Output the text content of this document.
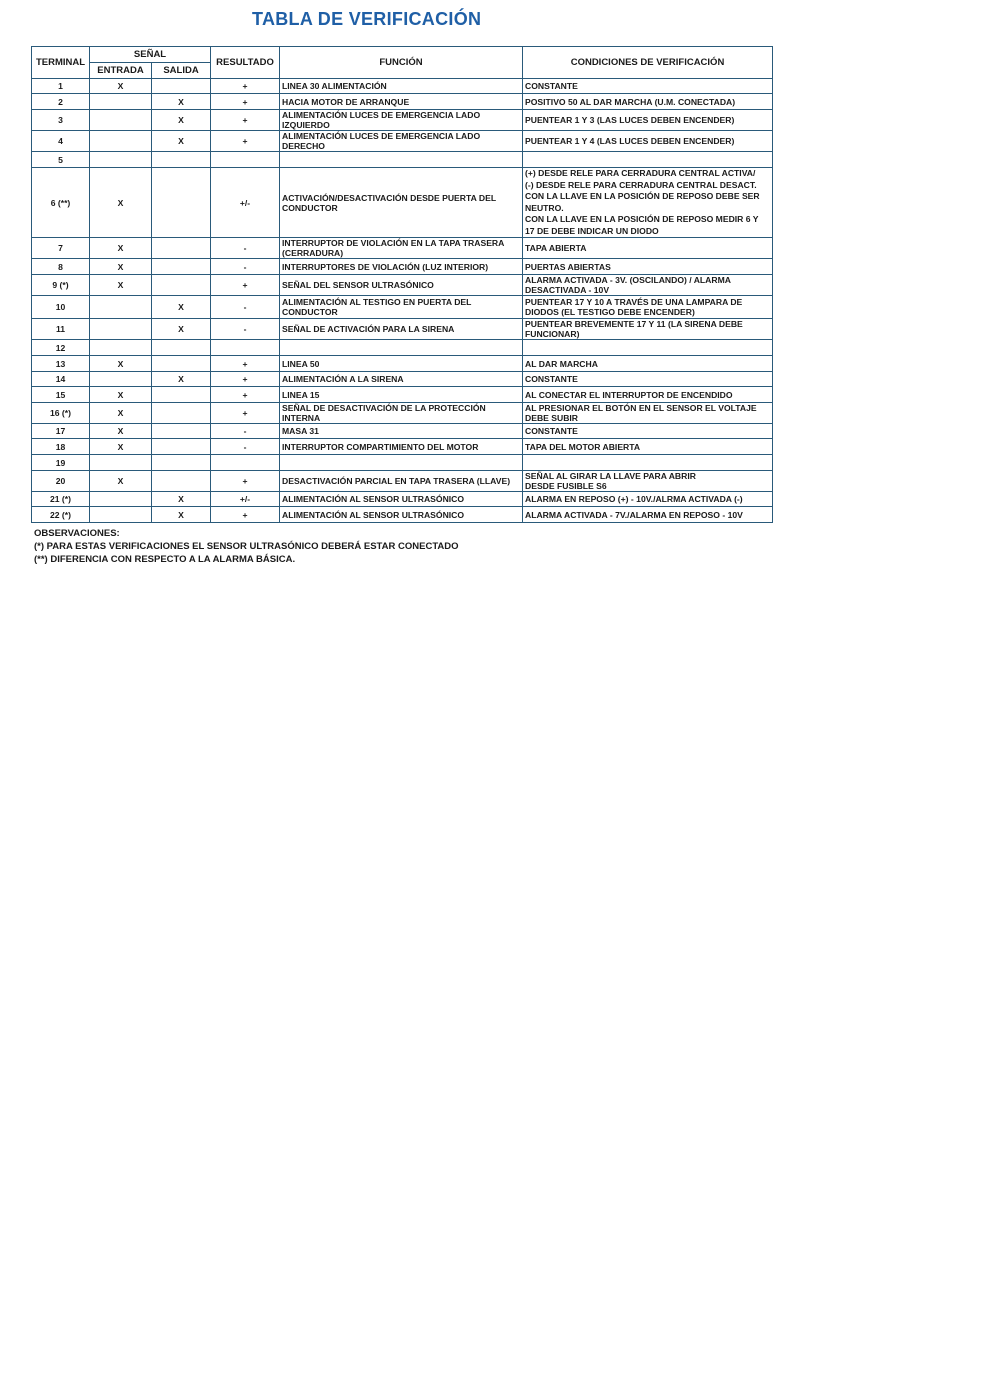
TABLA DE VERIFICACIÓN
TERMINAL	SEÑAL		RESULTADO	FUNCIÓN	CONDICIONES DE VERIFICACIÓN
	ENTRADA	SALIDA			
1	X		+	LINEA 30 ALIMENTACIÓN	CONSTANTE
2		X	+	HACIA MOTOR DE ARRANQUE	POSITIVO 50 AL DAR MARCHA (U.M. CONECTADA)
3		X	+	ALIMENTACIÓN LUCES DE EMERGENCIA LADO IZQUIERDO	PUENTEAR 1 Y 3 (LAS LUCES DEBEN ENCENDER)
4		X	+	ALIMENTACIÓN LUCES DE EMERGENCIA LADO DERECHO	PUENTEAR 1 Y 4 (LAS LUCES DEBEN ENCENDER)
5					
6 (**)	X		+/-	ACTIVACIÓN/DESACTIVACIÓN DESDE PUERTA DEL CONDUCTOR	(+) DESDE RELE PARA CERRADURA CENTRAL ACTIVA/
(-) DESDE RELE PARA CERRADURA CENTRAL DESACT.
CON LA LLAVE EN LA POSICIÓN DE REPOSO DEBE SER NEUTRO.
CON LA LLAVE EN LA POSICIÓN DE REPOSO MEDIR 6 Y 17 DE DEBE INDICAR UN DIODO

7	X		-	INTERRUPTOR DE VIOLACIÓN EN LA TAPA TRASERA (CERRADURA)	TAPA ABIERTA
8	X		-	INTERRUPTORES DE VIOLACIÓN (LUZ INTERIOR)	PUERTAS ABIERTAS
9 (*)	X		+	SEÑAL DEL SENSOR ULTRASÓNICO	ALARMA ACTIVADA - 3V. (OSCILANDO) / ALARMA DESACTIVADA - 10V
10		X	-	ALIMENTACIÓN AL TESTIGO EN PUERTA DEL CONDUCTOR	PUENTEAR 17 Y 10 A TRAVÉS DE UNA LAMPARA DE DIODOS (EL TESTIGO DEBE ENCENDER)
11		X	-	SEÑAL DE ACTIVACIÓN PARA LA SIRENA	PUENTEAR BREVEMENTE 17 Y 11 (LA SIRENA DEBE FUNCIONAR)
12					
13	X		+	LINEA 50	AL DAR MARCHA
14		X	+	ALIMENTACIÓN A LA SIRENA	CONSTANTE
15	X		+	LINEA 15	AL CONECTAR EL INTERRUPTOR DE ENCENDIDO
16 (*)	X		+	SEÑAL DE DESACTIVACIÓN DE LA PROTECCIÓN INTERNA	AL PRESIONAR EL BOTÓN EN EL SENSOR EL VOLTAJE DEBE SUBIR
17	X		-	MASA 31	CONSTANTE
18	X		-	INTERRUPTOR COMPARTIMIENTO DEL MOTOR	TAPA DEL MOTOR ABIERTA
19					
20	X		+	DESACTIVACIÓN PARCIAL EN TAPA TRASERA (LLAVE)	SEÑAL AL GIRAR LA LLAVE PARA ABRIR
DESDE FUSIBLE S6

21 (*)		X	+/-	ALIMENTACIÓN AL SENSOR ULTRASÓNICO	ALARMA EN REPOSO (+) - 10V./ALRMA ACTIVADA (-)
22 (*)		X	+	ALIMENTACIÓN AL SENSOR ULTRASÓNICO	ALARMA ACTIVADA - 7V./ALARMA EN REPOSO - 10V
OBSERVACIONES:
(*) PARA ESTAS VERIFICACIONES EL SENSOR ULTRASÓNICO DEBERÁ ESTAR CONECTADO
(**) DIFERENCIA CON RESPECTO A LA ALARMA BÁSICA.
